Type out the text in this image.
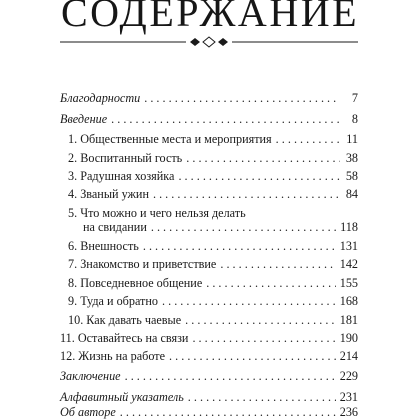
СОДЕРЖАНИЕ
Благодарности . . .	7
Введение . . .	8
1. Общественные места и мероприятия . . .	11
2. Воспитанный гость . . .	38
3. Радушная хозяйка . . .	58
4. Званый ужин . . .	84
5. Что можно и чего нельзя делать
на свидании . . .	118
6. Внешность . . .	131
7. Знакомство и приветствие . . .	142
8. Повседневное общение . . .	155
9. Туда и обратно . . .	168
10. Как давать чаевые . . .	181
11. Оставайтесь на связи . . .	190
12. Жизнь на работе . . .	214
Заключение . . .	229
Алфавитный указатель . . .	231
Об авторе . . .	236
